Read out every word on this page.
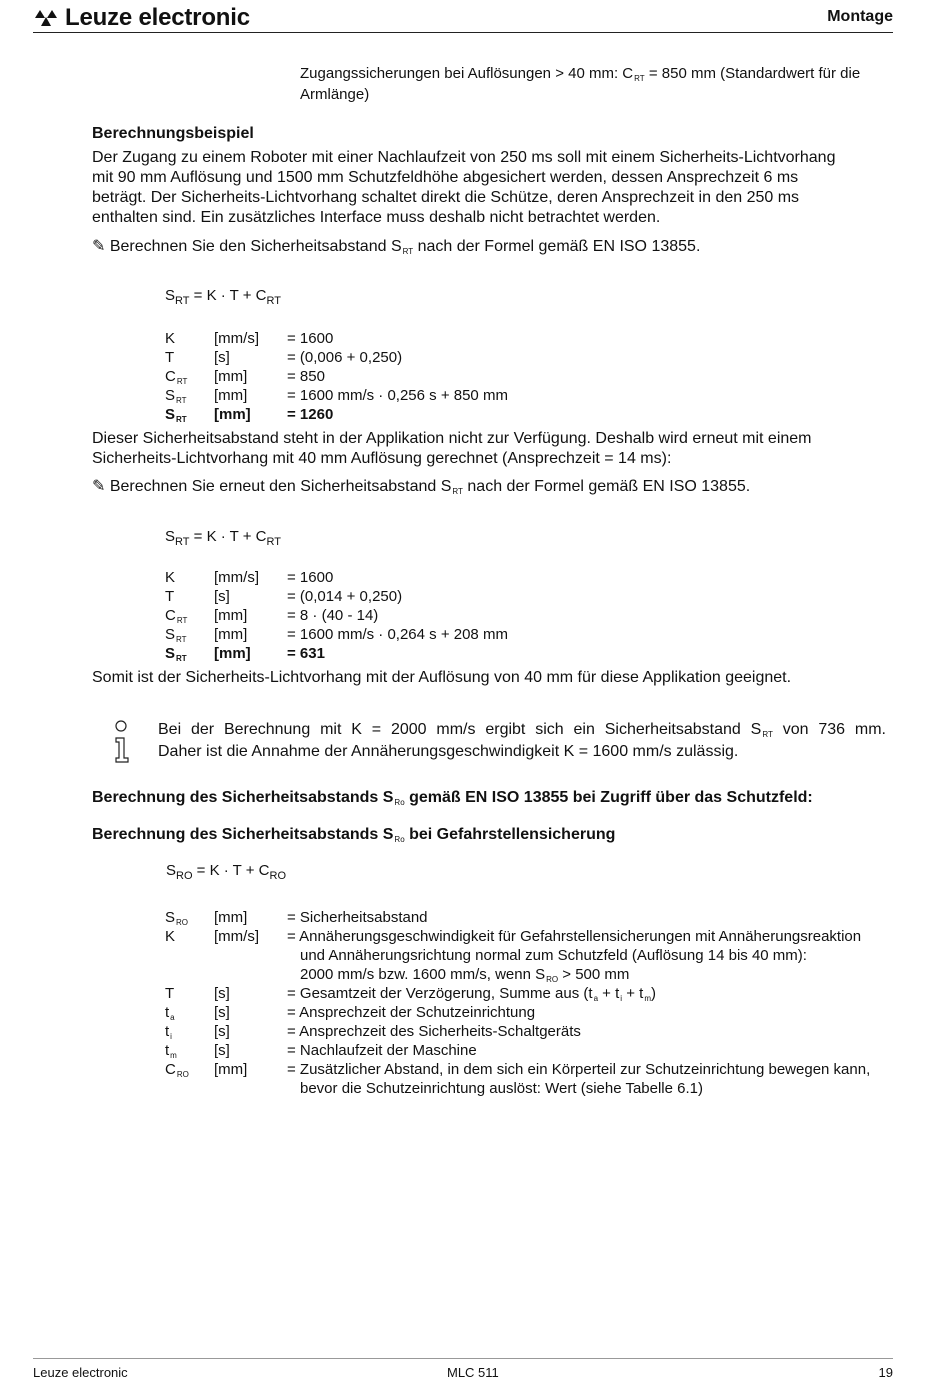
Leuze electronic	Montage
Zugangssicherungen bei Auflösungen > 40 mm: $C_{RT} = 850$ mm (Standardwert für die
Armlänge)
Berechnungsbeispiel
Der Zugang zu einem Roboter mit einer Nachlaufzeit von 250 ms soll mit einem Sicherheits-Lichtvorhang
mit 90 mm Auflösung und 1500 mm Schutzfeldhöhe abgesichert werden, dessen Ansprechzeit 6 ms
beträgt. Der Sicherheits-Lichtvorhang schaltet direkt die Schütze, deren Ansprechzeit in den 250 ms
enthalten sind. Ein zusätzliches Interface muss deshalb nicht betrachtet werden.
✎ Berechnen Sie den Sicherheitsabstand SRT nach der Formel gemäß EN ISO 13855.
$S_{RT} = K \cdot T + C_{RT}$
K	[mm/s] = 1600
T	[s]	= (0,006 + 0,250)
$C_{RT}$ [mm]	= 850
$S_{RT}$ [mm]	= 1600 mm/s · 0,256 s + 850 mm
$S_{RT}$ [mm] = 1260
Dieser Sicherheitsabstand steht in der Applikation nicht zur Verfügung. Deshalb wird erneut mit einem
Sicherheits-Lichtvorhang mit 40 mm Auflösung gerechnet (Ansprechzeit = 14 ms):
✎ Berechnen Sie erneut den Sicherheitsabstand SRT nach der Formel gemäß EN ISO 13855.
$S_{RT} = K \cdot T + C_{RT}$
K	[mm/s] = 1600
T	[s]	= (0,014 + 0,250)
$C_{RT}$ [mm]	= 8 · (40 - 14)
$S_{RT}$ [mm]	= 1600 mm/s · 0,264 s + 208 mm
$S_{RT}$ [mm] = 631
Somit ist der Sicherheits-Lichtvorhang mit der Auflösung von 40 mm für diese Applikation geeignet.
Bei der Berechnung mit K = 2000 mm/s ergibt sich ein Sicherheitsabstand SRT von 736 mm.
Daher ist die Annahme der Annäherungsgeschwindigkeit K = 1600 mm/s zulässig.
Berechnung des Sicherheitsabstands SRo gemäß EN ISO 13855 bei Zugriff über das Schutzfeld:
Berechnung des Sicherheitsabstands SRo bei Gefahrstellensicherung
$S_{RO} = K \cdot T + C_{RO}$
$S_{RO}$ [mm]	= Sicherheitsabstand
K	[mm/s] = Annäherungsgeschwindigkeit für Gefahrstellensicherungen mit Annäherungsreaktion
und Annäherungsrichtung normal zum Schutzfeld (Auflösung 14 bis 40 mm):
2000 mm/s bzw. 1600 mm/s, wenn $S_{RO} > 500$ mm
T	[s]	= Gesamtzeit der Verzögerung, Summe aus $(t_a + t_i + t_m)$
$t_a$	[s]	= Ansprechzeit der Schutzeinrichtung
$t_i$	[s]	= Ansprechzeit des Sicherheits-Schaltgeräts
$t_m$ [s]	= Nachlaufzeit der Maschine
$C_{RO}$ [mm]	= Zusätzlicher Abstand, in dem sich ein Körperteil zur Schutzeinrichtung bewegen kann,
bevor die Schutzeinrichtung auslöst: Wert (siehe Tabelle 6.1)
Leuze electronic	MLC 511	19
